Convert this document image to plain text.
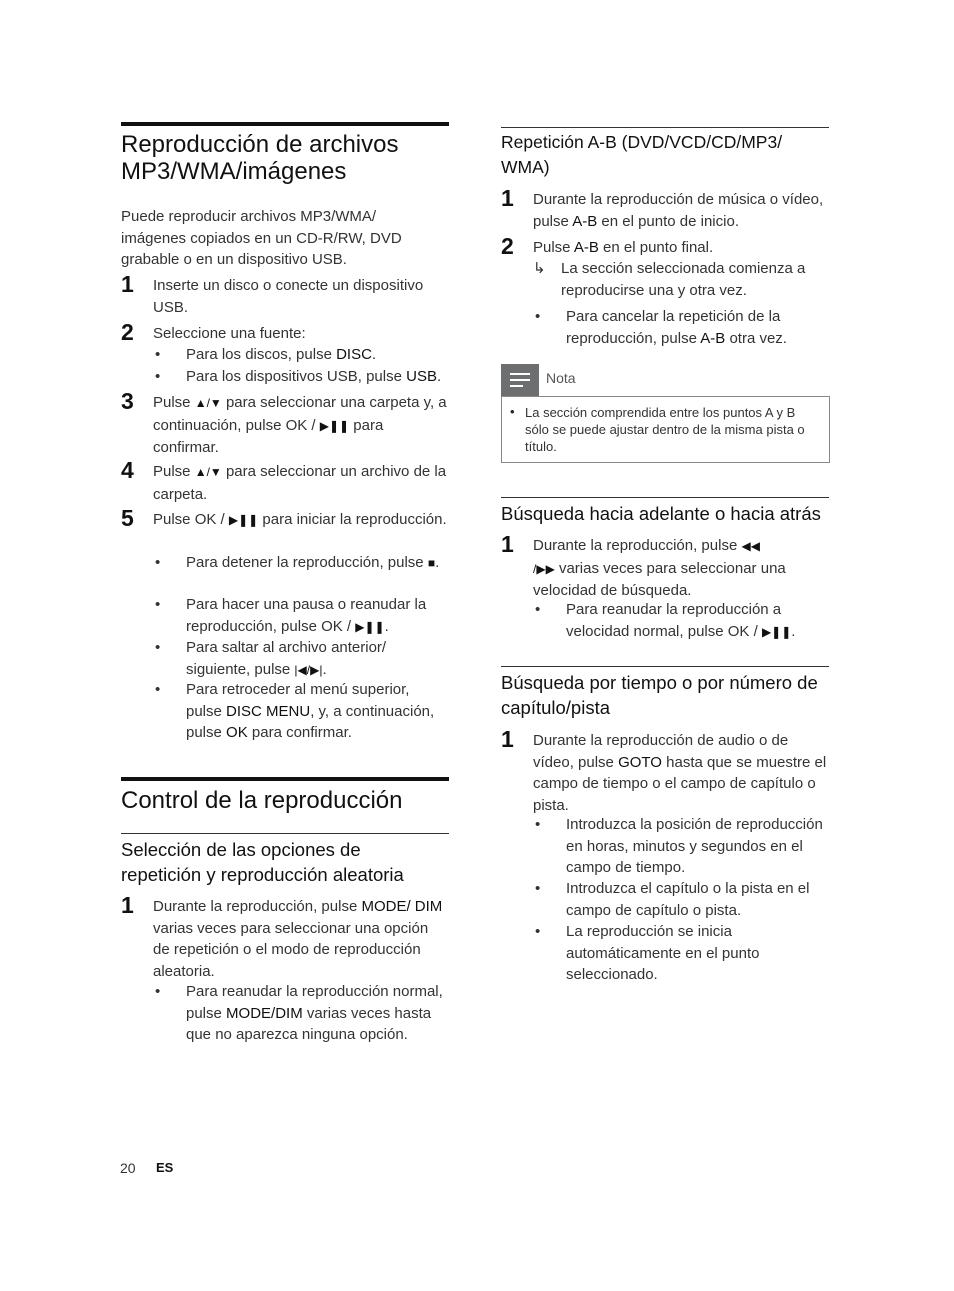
Reproducción de archivos MP3/WMA/imágenes
Puede reproducir archivos MP3/WMA/ imágenes copiados en un CD-R/RW, DVD grabable o en un dispositivo USB.
1 Inserte un disco o conecte un dispositivo USB.
2 Seleccione una fuente:
• Para los discos, pulse DISC.
• Para los dispositivos USB, pulse USB.
3 Pulse ▲/▼ para seleccionar una carpeta y, a continuación, pulse OK / ▶❚❚ para confirmar.
4 Pulse ▲/▼ para seleccionar un archivo de la carpeta.
5 Pulse OK / ▶❚❚ para iniciar la reproducción.
• Para detener la reproducción, pulse ■.
• Para hacer una pausa o reanudar la reproducción, pulse OK / ▶❚❚.
• Para saltar al archivo anterior/ siguiente, pulse |◀/▶|.
• Para retroceder al menú superior, pulse DISC MENU, y, a continuación, pulse OK para confirmar.
Control de la reproducción
Selección de las opciones de repetición y reproducción aleatoria
1 Durante la reproducción, pulse MODE/ DIM varias veces para seleccionar una opción de repetición o el modo de reproducción aleatoria.
• Para reanudar la reproducción normal, pulse MODE/DIM varias veces hasta que no aparezca ninguna opción.
Repetición A-B (DVD/VCD/CD/MP3/ WMA)
1 Durante la reproducción de música o vídeo, pulse A-B en el punto de inicio.
2 Pulse A-B en el punto final.
↳ La sección seleccionada comienza a reproducirse una y otra vez.
• Para cancelar la repetición de la reproducción, pulse A-B otra vez.
Nota
• La sección comprendida entre los puntos A y B sólo se puede ajustar dentro de la misma pista o título.
Búsqueda hacia adelante o hacia atrás
1 Durante la reproducción, pulse ◀◀
/▶▶ varias veces para seleccionar una velocidad de búsqueda.
• Para reanudar la reproducción a velocidad normal, pulse OK / ▶❚❚.
Búsqueda por tiempo o por número de capítulo/pista
1 Durante la reproducción de audio o de vídeo, pulse GOTO hasta que se muestre el campo de tiempo o el campo de capítulo o pista.
• Introduzca la posición de reproducción en horas, minutos y segundos en el campo de tiempo.
• Introduzca el capítulo o la pista en el campo de capítulo o pista.
• La reproducción se inicia automáticamente en el punto seleccionado.
20 ES
